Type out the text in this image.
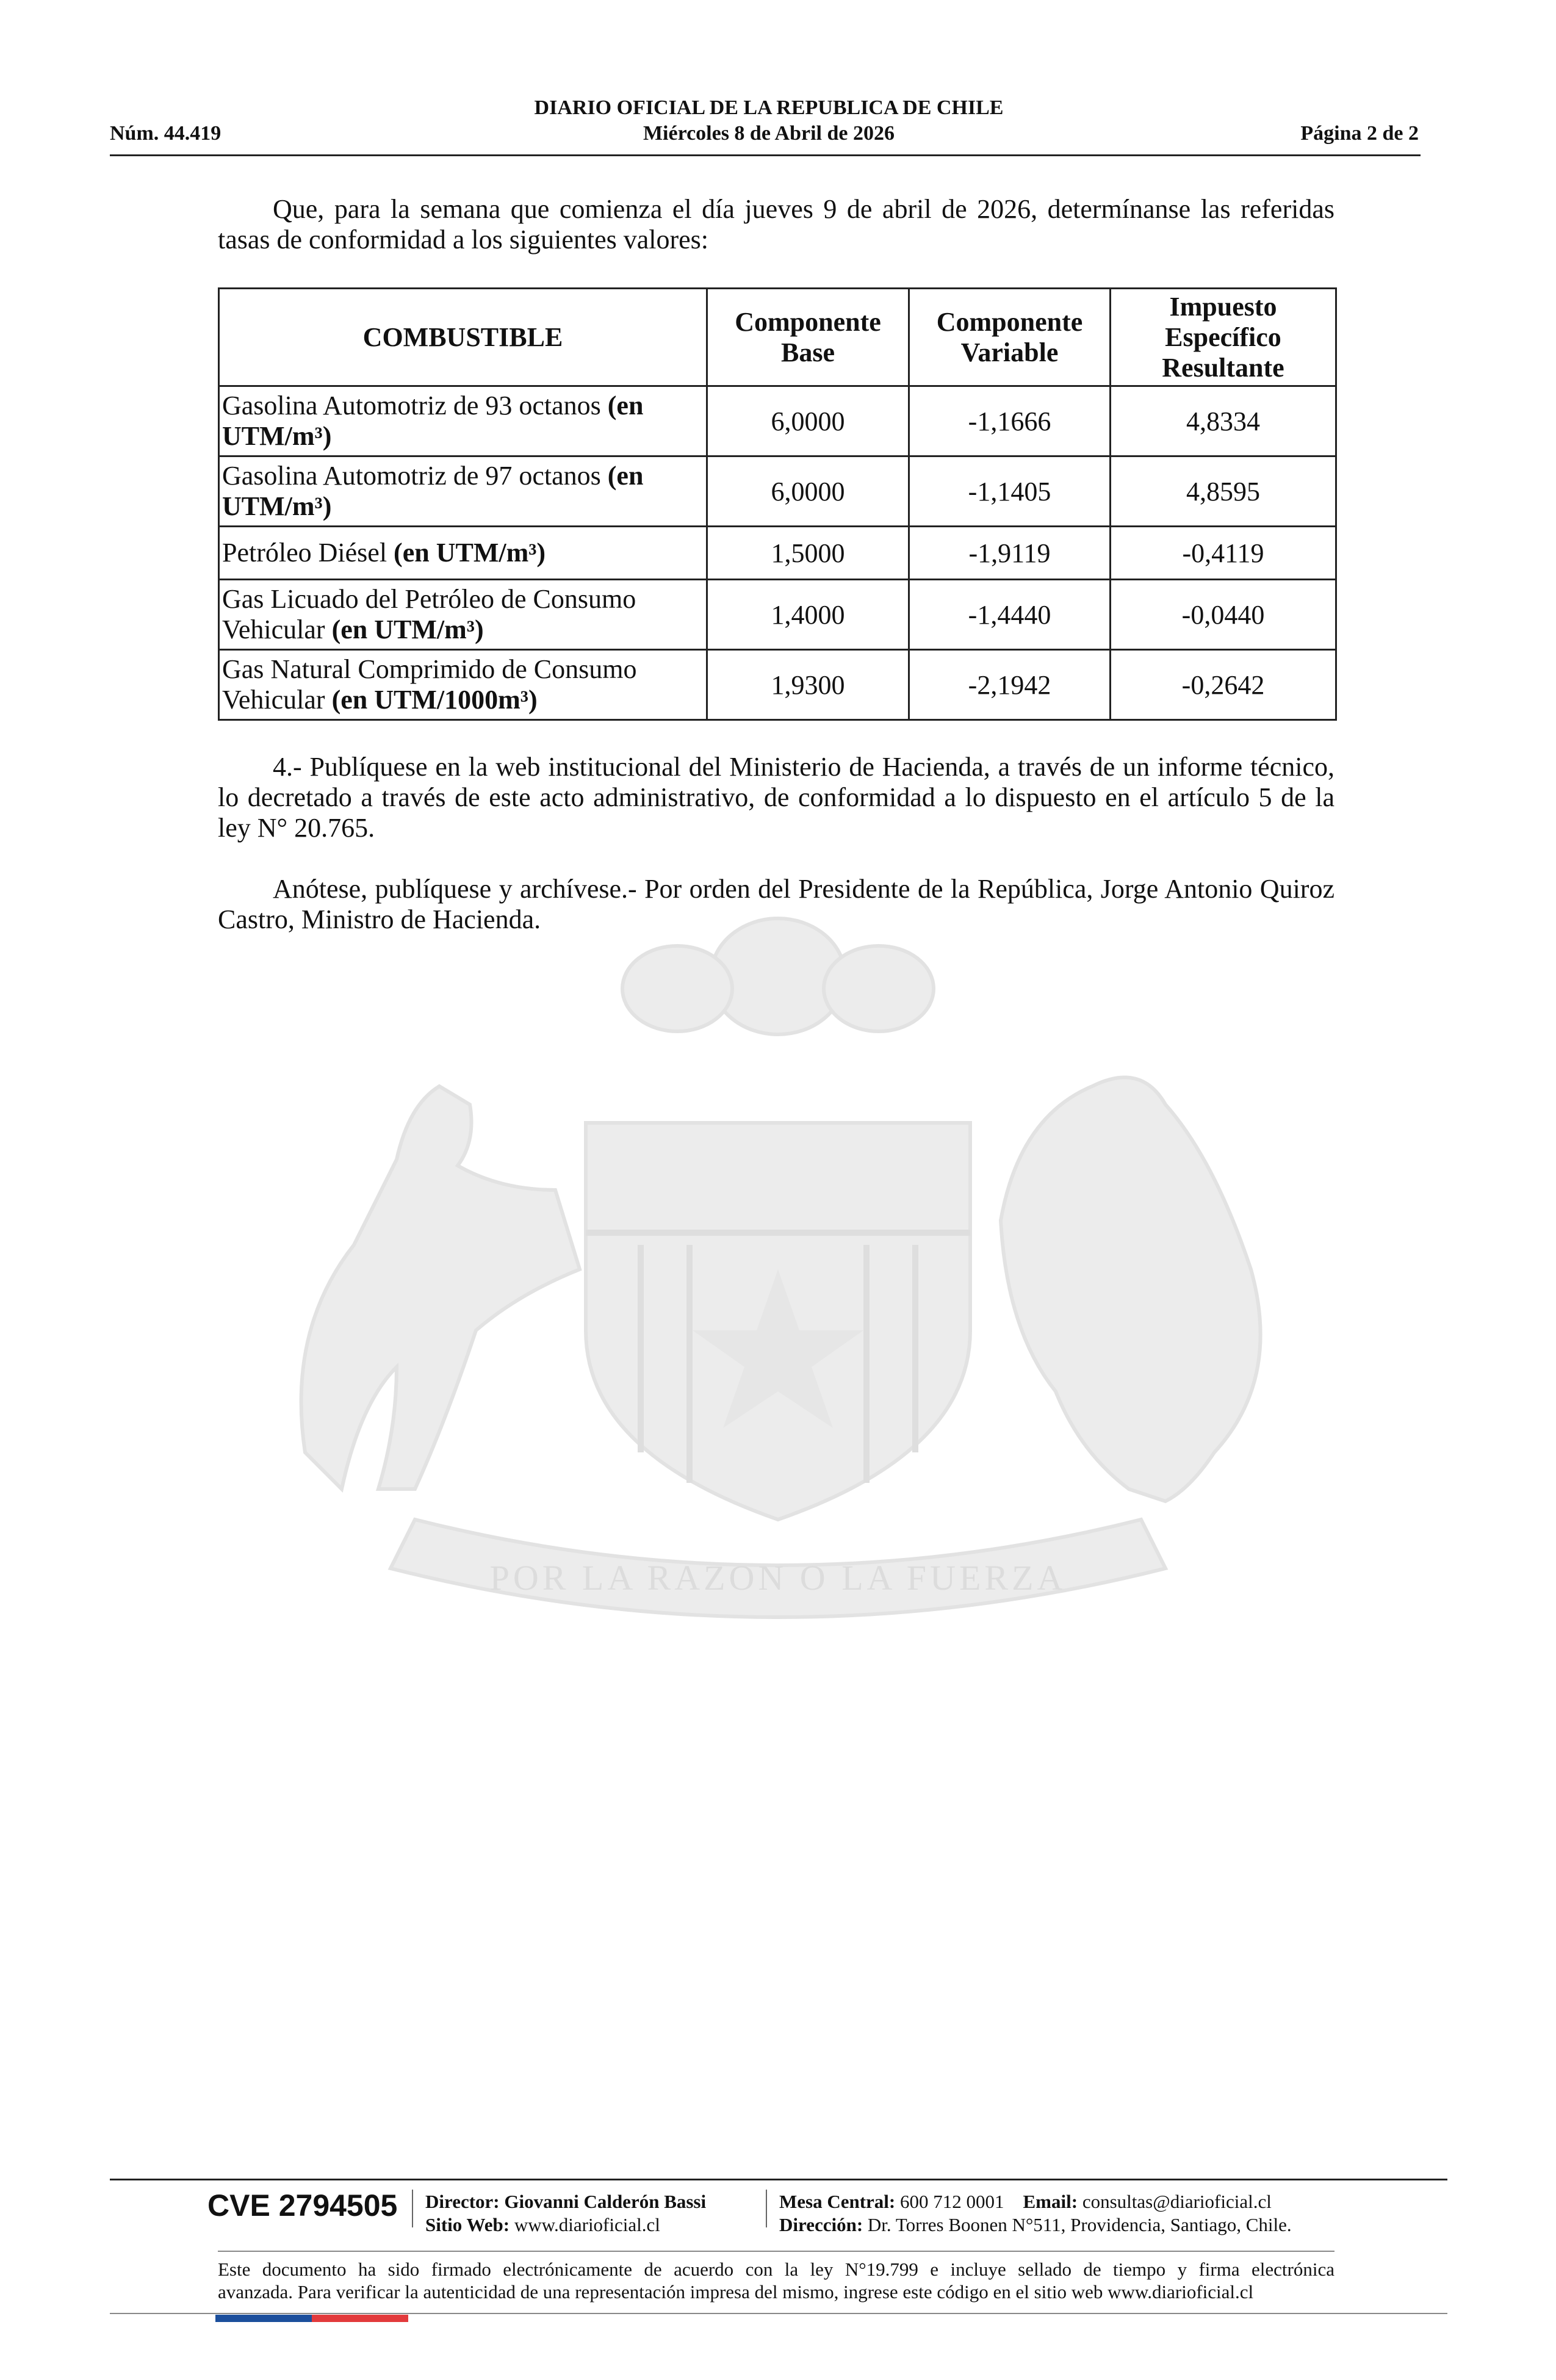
DIARIO OFICIAL DE LA REPUBLICA DE CHILE
Miércoles 8 de Abril de 2026
Núm. 44.419	Página 2 de 2
POR LA RAZON O LA FUERZA
Que, para la semana que comienza el día jueves 9 de abril de 2026, determínanse las referidas tasas de conformidad a los siguientes valores:
COMBUSTIBLE	Componente Base	Componente Variable	Impuesto Específico Resultante
Gasolina Automotriz de 93 octanos (en UTM/m³)	6,0000	-1,1666	4,8334
Gasolina Automotriz de 97 octanos (en UTM/m³)	6,0000	-1,1405	4,8595
Petróleo Diésel (en UTM/m³)	1,5000	-1,9119	-0,4119
Gas Licuado del Petróleo de Consumo Vehicular (en UTM/m³)	1,4000	-1,4440	-0,0440
Gas Natural Comprimido de Consumo Vehicular (en UTM/1000m³)	1,9300	-2,1942	-0,2642
4.- Publíquese en la web institucional del Ministerio de Hacienda, a través de un informe técnico, lo decretado a través de este acto administrativo, de conformidad a lo dispuesto en el artículo 5 de la ley N° 20.765.
Anótese, publíquese y archívese.- Por orden del Presidente de la República, Jorge Antonio Quiroz Castro, Ministro de Hacienda.
CVE 2794505 Director: Giovanni Calderón Bassi
Sitio Web: www.diarioficial.cl
Mesa Central: 600 712 0001 Email: consultas@diarioficial.cl
Dirección: Dr. Torres Boonen N°511, Providencia, Santiago, Chile.
Este documento ha sido firmado electrónicamente de acuerdo con la ley N°19.799 e incluye sellado de tiempo y firma electrónica
avanzada. Para verificar la autenticidad de una representación impresa del mismo, ingrese este código en el sitio web www.diarioficial.cl
